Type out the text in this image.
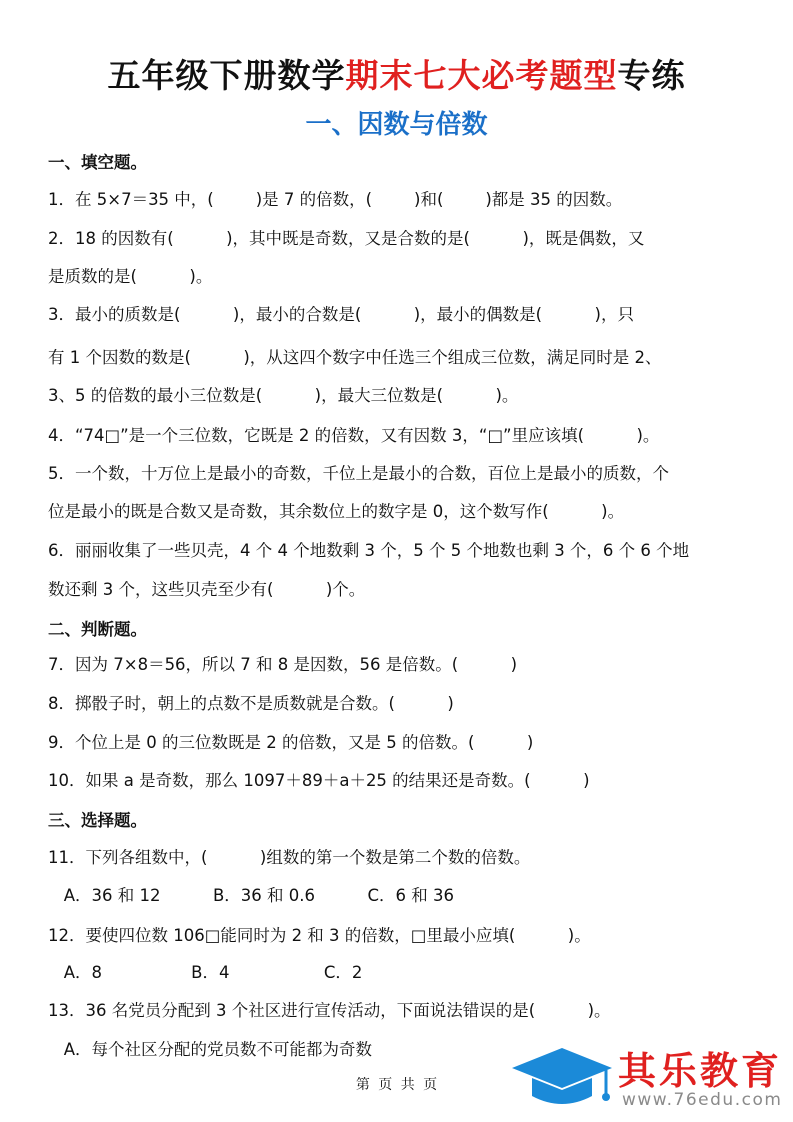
五年级下册数学期末七大必考题型专练
一、因数与倍数
一、填空题。
1．在 5×7＝35 中，(        )是 7 的倍数，(        )和(        )都是 35 的因数。
2．18 的因数有(          )，其中既是奇数，又是合数的是(          )，既是偶数，又
是质数的是(          )。
3．最小的质数是(          )，最小的合数是(          )，最小的偶数是(          )，只
有 1 个因数的数是(          )，从这四个数字中任选三个组成三位数，满足同时是 2、
3、5 的倍数的最小三位数是(          )，最大三位数是(          )。
4．“74□”是一个三位数，它既是 2 的倍数，又有因数 3，“□”里应该填(          )。
5．一个数，十万位上是最小的奇数，千位上是最小的合数，百位上是最小的质数，个
位是最小的既是合数又是奇数，其余数位上的数字是 0，这个数写作(          )。
6．丽丽收集了一些贝壳，4 个 4 个地数剩 3 个，5 个 5 个地数也剩 3 个，6 个 6 个地
数还剩 3 个，这些贝壳至少有(          )个。
二、判断题。
7．因为 7×8＝56，所以 7 和 8 是因数，56 是倍数。(          )
8．掷骰子时，朝上的点数不是质数就是合数。(          )
9．个位上是 0 的三位数既是 2 的倍数，又是 5 的倍数。(          )
10．如果 a 是奇数，那么 1097＋89＋a＋25 的结果还是奇数。(          )
三、选择题。
11．下列各组数中，(          )组数的第一个数是第二个数的倍数。
A．36 和 12          B．36 和 0.6          C．6 和 36
12．要使四位数 106□能同时为 2 和 3 的倍数，□里最小应填(          )。
A．8                 B．4                  C．2
13．36 名党员分配到 3 个社区进行宣传活动，下面说法错误的是(          )。
A．每个社区分配的党员数不可能都为奇数
第 页 共 页	其乐教育
www.76edu.com
